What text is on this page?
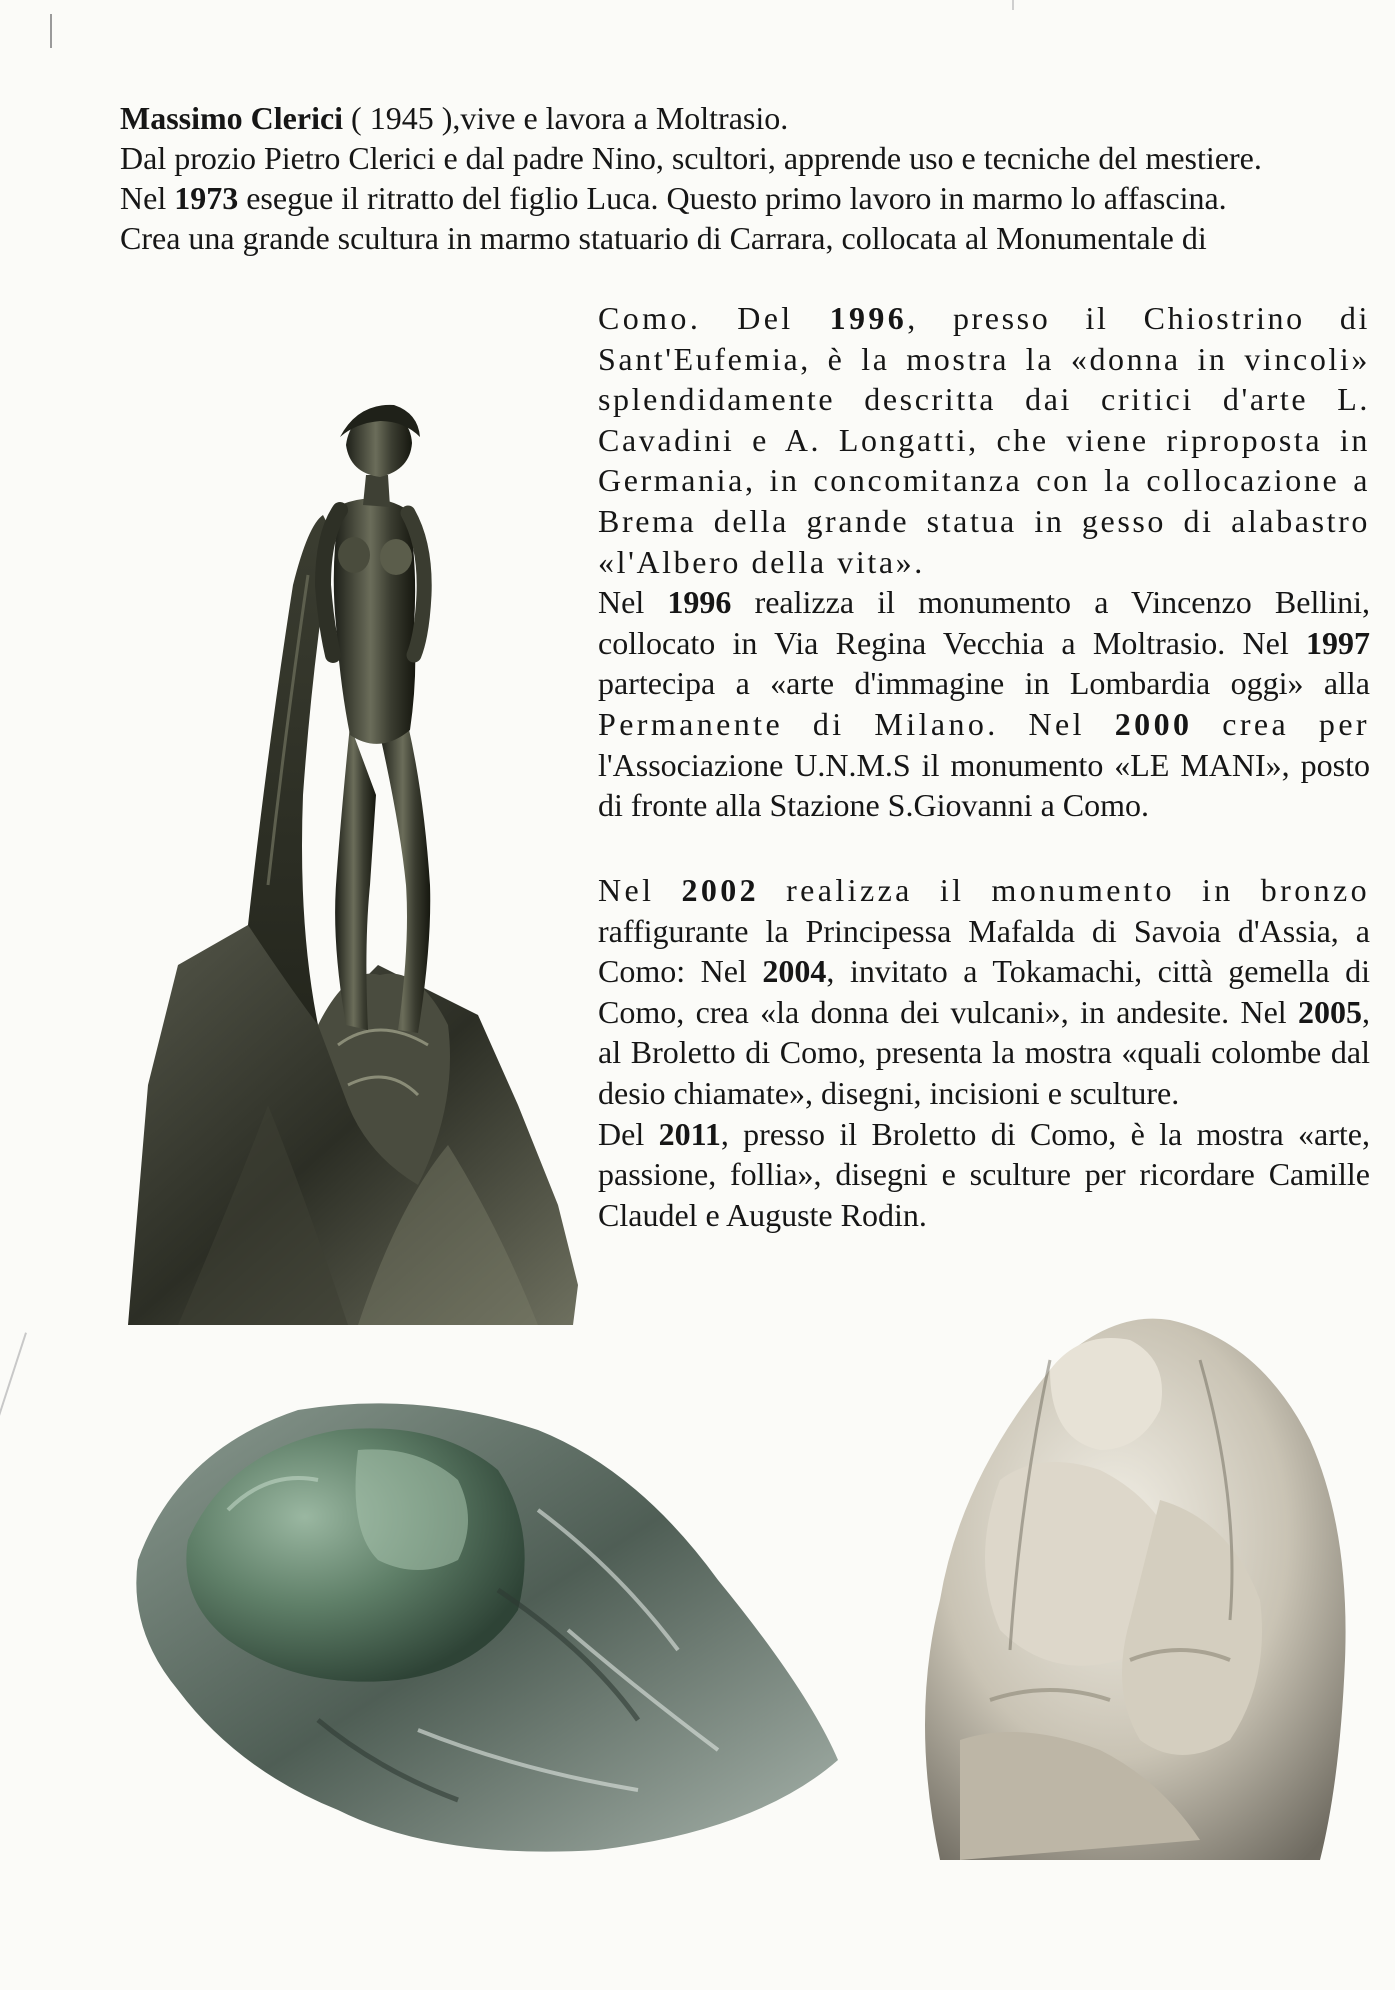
Massimo Clerici ( 1945 ),vive e lavora a Moltrasio.

Dal prozio Pietro Clerici e dal padre Nino, scultori, apprende uso e tecniche del mestiere.

Nel 1973 esegue il ritratto del figlio Luca. Questo primo lavoro in marmo lo affascina.

Crea una grande scultura in marmo statuario di Carrara, collocata al Monumentale di

Como. Del 1996, presso il Chiostrino di Sant'Eufemia, è la mostra la «donna in vincoli» splendidamente descritta dai critici d'arte L. Cavadini e A. Longatti, che viene riproposta in Germania, in concomitanza con la collocazione a Brema della grande statua in gesso di alabastro «l'Albero della vita».

Nel 1996 realizza il monumento a Vincenzo Bellini, collocato in Via Regina Vecchia a Moltrasio. Nel 1997 partecipa a «arte d'immagine in Lombardia oggi» alla Permanente di Milano. Nel 2000 crea per l'Associazione U.N.M.S il monumento «LE MANI», posto di fronte alla Stazione S.Giovanni a Como.

Nel 2002 realizza il monumento in bronzo raffigurante la Principessa Mafalda di Savoia d'Assia, a Como: Nel 2004, invitato a Tokamachi, città gemella di Como, crea «la donna dei vulcani», in andesite. Nel 2005, al Broletto di Como, presenta la mostra «quali colombe dal desio chiamate», disegni, incisioni e sculture.

Del 2011, presso il Broletto di Como, è la mostra «arte, passione, follia», disegni e sculture per ricordare Camille Claudel e Auguste Rodin.
